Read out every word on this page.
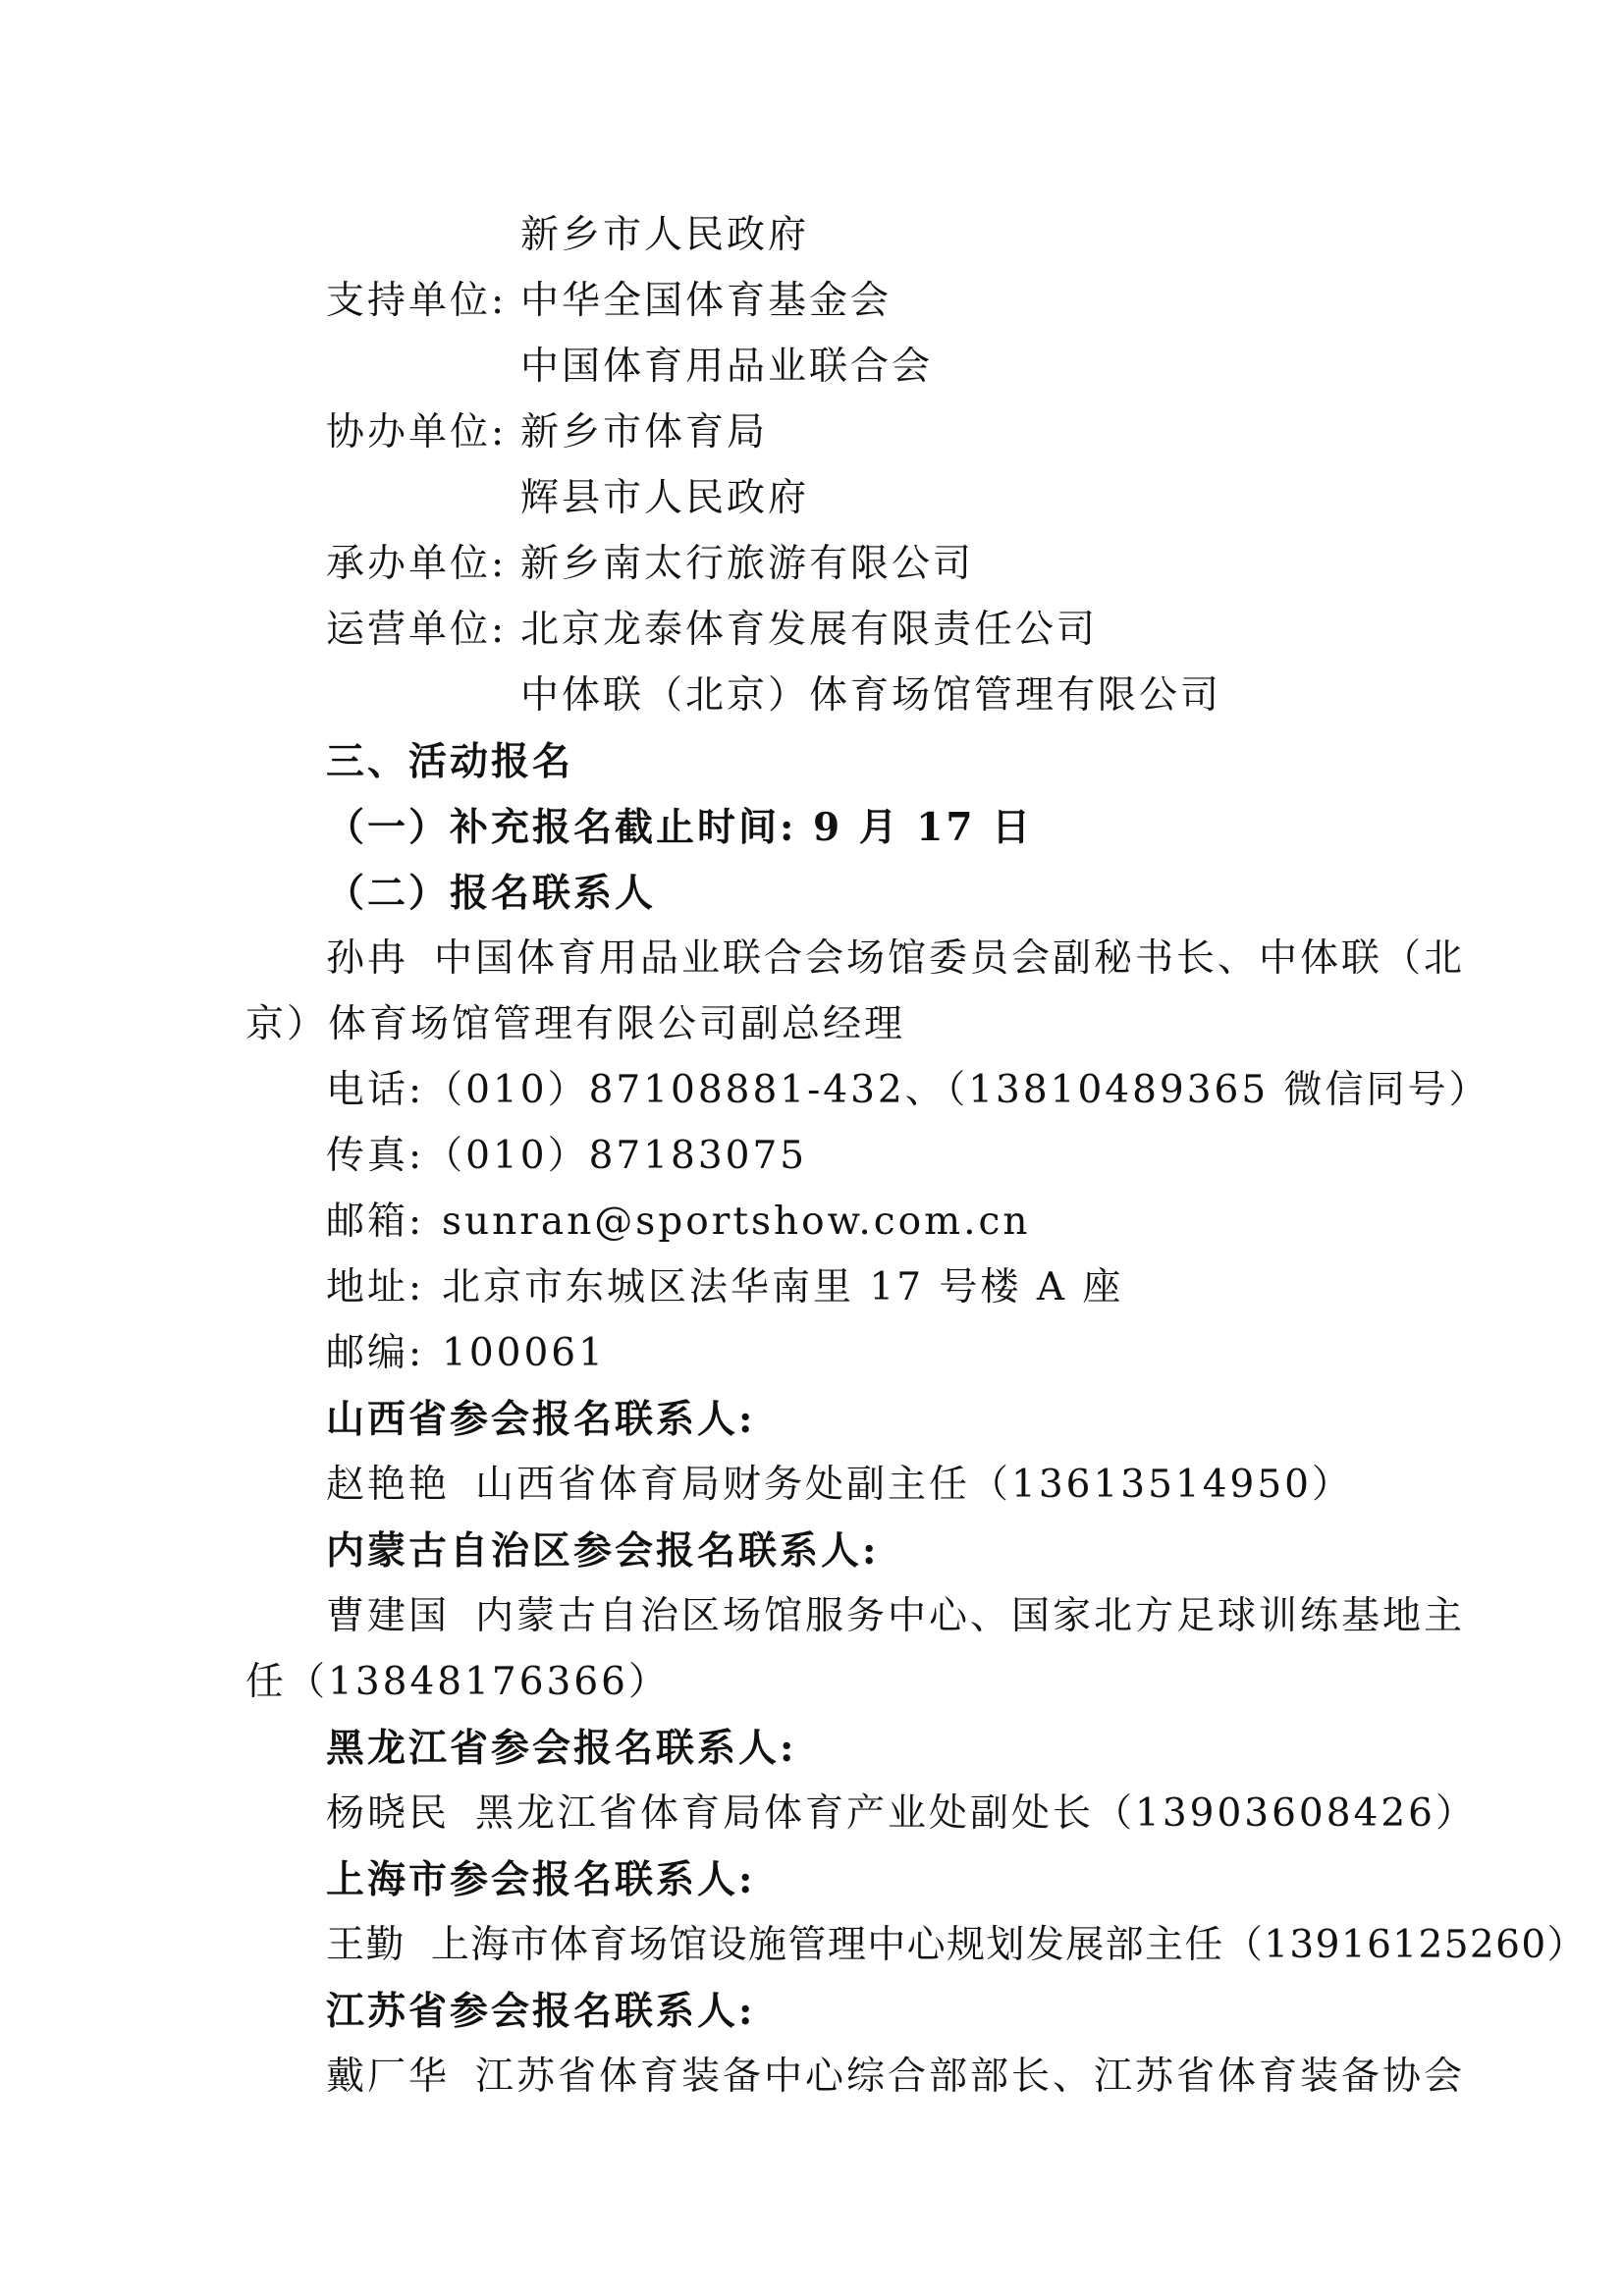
新乡市人民政府
支持单位: 中华全国体育基金会
中国体育用品业联合会
协办单位: 新乡市体育局
辉县市人民政府
承办单位: 新乡南太行旅游有限公司
运营单位: 北京龙泰体育发展有限责任公司
中体联（北京）体育场馆管理有限公司
三、活动报名
（一）补充报名截止时间: 9 月 17 日
（二）报名联系人
孙冉 中国体育用品业联合会场馆委员会副秘书长、中体联（北
京）体育场馆管理有限公司副总经理
电话:（010）87108881-432、（13810489365 微信同号）
传真:（010）87183075
邮箱: sunran@sportshow.com.cn
地址: 北京市东城区法华南里 17 号楼 A 座
邮编: 100061
山西省参会报名联系人:
赵艳艳 山西省体育局财务处副主任（13613514950）
内蒙古自治区参会报名联系人:
曹建国 内蒙古自治区场馆服务中心、国家北方足球训练基地主
任（13848176366）
黑龙江省参会报名联系人:
杨晓民 黑龙江省体育局体育产业处副处长（13903608426）
上海市参会报名联系人:
王勤 上海市体育场馆设施管理中心规划发展部主任（13916125260）
江苏省参会报名联系人:
戴厂华 江苏省体育装备中心综合部部长、江苏省体育装备协会
